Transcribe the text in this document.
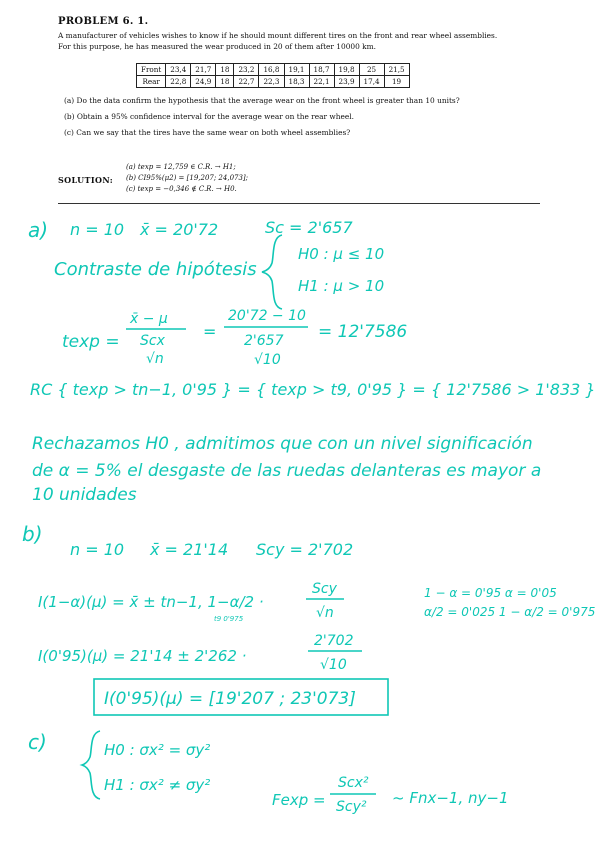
PROBLEM 6. 1.
A manufacturer of vehicles wishes to know if he should mount different tires on the front and rear wheel assemblies.
For this purpose, he has measured the wear produced in 20 of them after 10000 km.
Front	23,4	21,7	18	23,2	16,8	19,1	18,7	19,8	25	21,5
Rear	22,8	24,9	18	22,7	22,3	18,3	22,1	23,9	17,4	19
(a) Do the data confirm the hypothesis that the average wear on the front wheel is greater than 10 units?
(b) Obtain a 95% confidence interval for the average wear on the rear wheel.
(c) Can we say that the tires have the same wear on both wheel assemblies?
SOLUTION:
(a) texp = 12,759 ∈ C.R. → H1;
(b) CI95%(μ2) = [19,207; 24,073];
(c) texp = −0,346 ∉ C.R. → H0.
a) n = 10 x̄ = 20'72	Sc = 2'657
Contraste de hipótesis
H0 : μ ≤ 10
H1 : μ > 10
texp =
x̄ − μ
Scx
√n
=
20'72 − 10
2'657
√10
= 12'7586
RC { texp > tn−1, 0'95 } = { texp > t9, 0'95 } = { 12'7586 > 1'833 }
Rechazamos H0 , admitimos que con un nivel significación
de α = 5% el desgaste de las ruedas delanteras es mayor a
10 unidades
b)
n = 10 x̄ = 21'14 Scy = 2'702
I(1−α)(μ) = x̄ ± tn−1, 1−α/2 ·
t9 0'975
Scy
√n
1 − α = 0'95 α = 0'05
α/2 = 0'025 1 − α/2 = 0'975
I(0'95)(μ) = 21'14 ± 2'262 ·
2'702
√10
I(0'95)(μ) = [19'207 ; 23'073]
c)	H0 : σx² = σy²
H1 : σx² ≠ σy²
Fexp =
Scx²
Scy² ~ Fnx−1, ny−1
